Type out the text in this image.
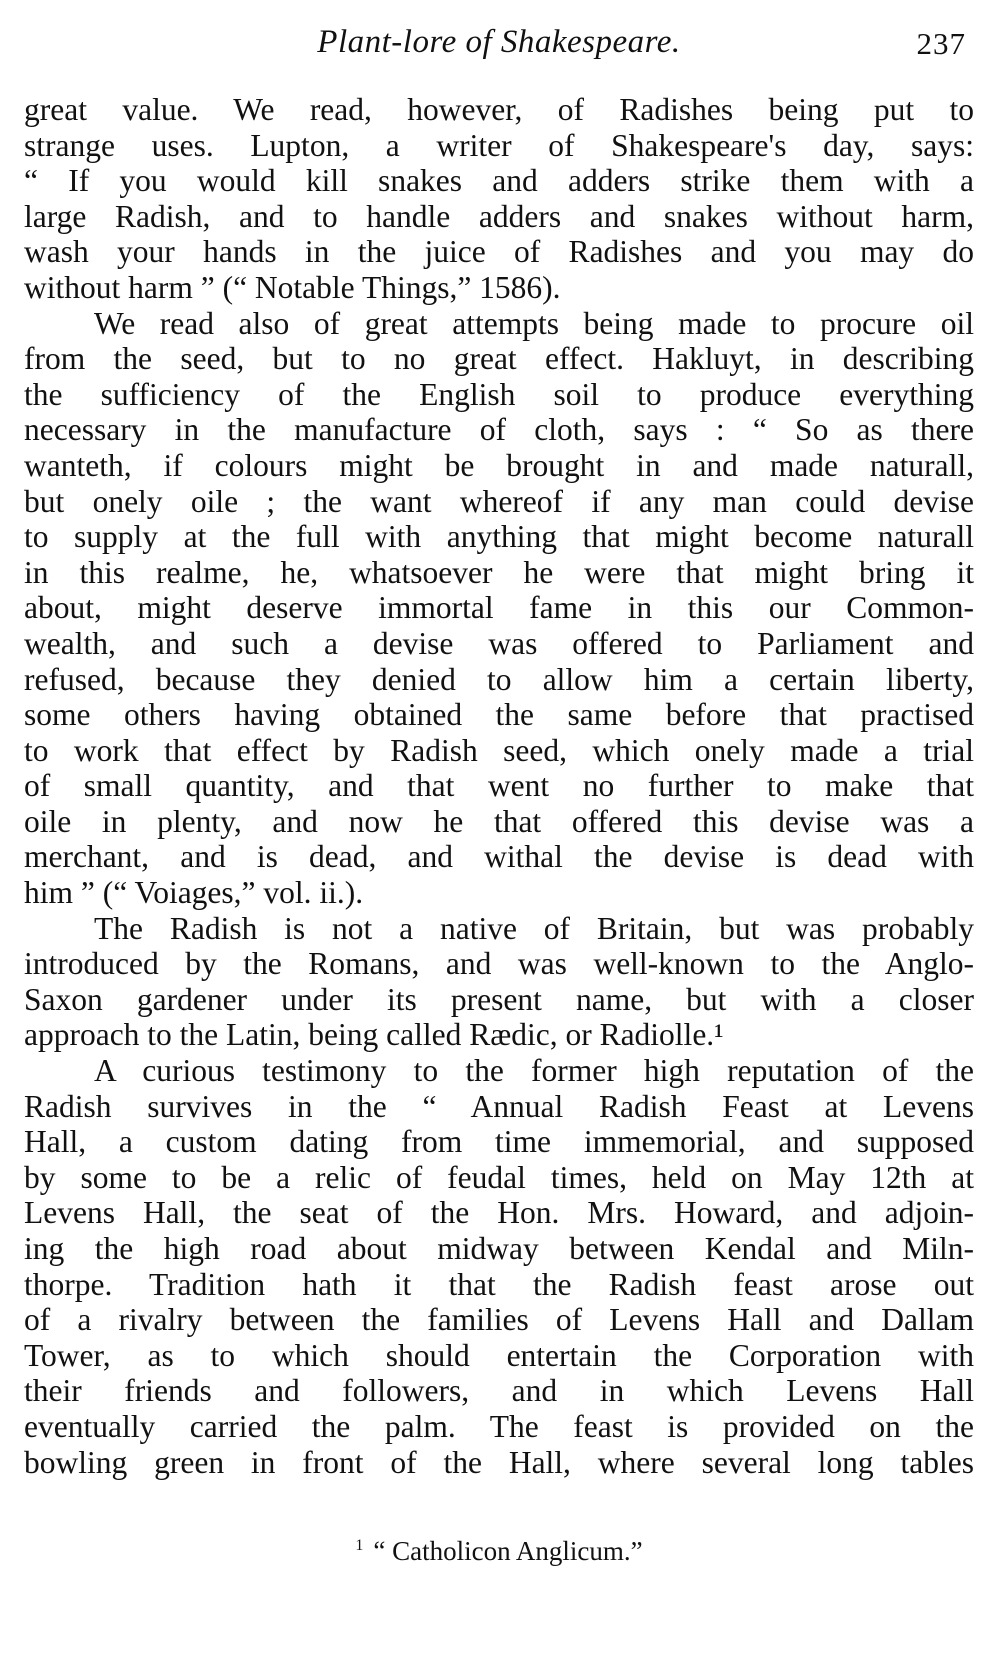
Plant-lore of Shakespeare.	237
great value. We read, however, of Radishes being put to
strange uses. Lupton, a writer of Shakespeare's day, says:
“ If you would kill snakes and adders strike them with a
large Radish, and to handle adders and snakes without harm,
wash your hands in the juice of Radishes and you may do
without harm ” (“ Notable Things,” 1586).
We read also of great attempts being made to procure oil
from the seed, but to no great effect. Hakluyt, in describing
the sufficiency of the English soil to produce everything
necessary in the manufacture of cloth, says : “ So as there
wanteth, if colours might be brought in and made naturall,
but onely oile ; the want whereof if any man could devise
to supply at the full with anything that might become naturall
in this realme, he, whatsoever he were that might bring it
about, might deserve immortal fame in this our Common-
wealth, and such a devise was offered to Parliament and
refused, because they denied to allow him a certain liberty,
some others having obtained the same before that practised
to work that effect by Radish seed, which onely made a trial
of small quantity, and that went no further to make that
oile in plenty, and now he that offered this devise was a
merchant, and is dead, and withal the devise is dead with
him ” (“ Voiages,” vol. ii.).
The Radish is not a native of Britain, but was probably
introduced by the Romans, and was well-known to the Anglo-
Saxon gardener under its present name, but with a closer
approach to the Latin, being called Rædic, or Radiolle.¹
A curious testimony to the former high reputation of the
Radish survives in the “ Annual Radish Feast at Levens
Hall, a custom dating from time immemorial, and supposed
by some to be a relic of feudal times, held on May 12th at
Levens Hall, the seat of the Hon. Mrs. Howard, and adjoin-
ing the high road about midway between Kendal and Miln-
thorpe. Tradition hath it that the Radish feast arose out
of a rivalry between the families of Levens Hall and Dallam
Tower, as to which should entertain the Corporation with
their friends and followers, and in which Levens Hall
eventually carried the palm. The feast is provided on the
bowling green in front of the Hall, where several long tables
$^1$ “ Catholicon Anglicum.”
